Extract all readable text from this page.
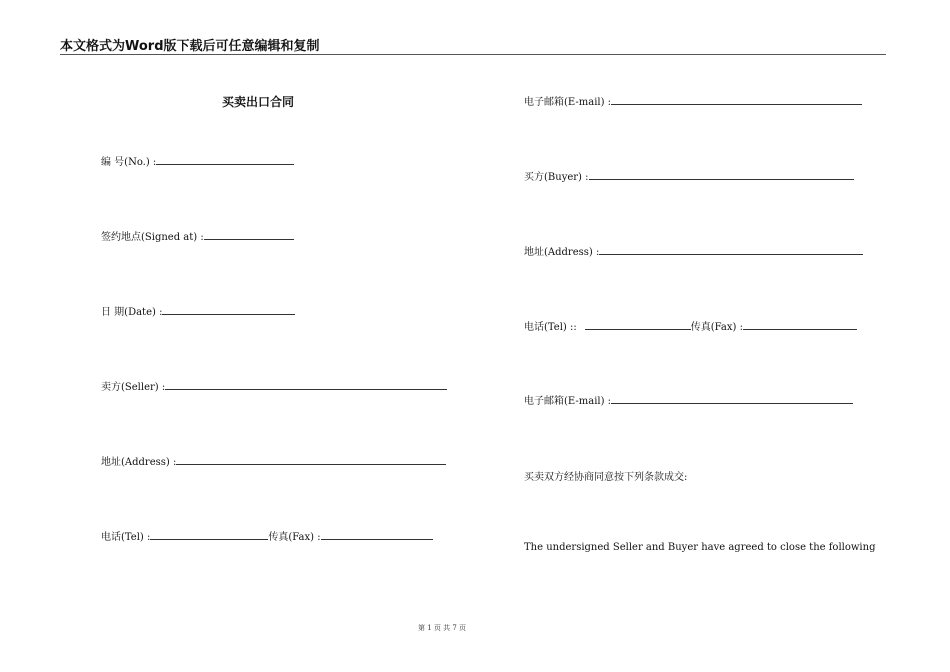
本文格式为Word版下载后可任意编辑和复制
买卖出口合同
编 号(No.) :
签约地点(Signed at) :
日 期(Date) :
卖方(Seller) :
地址(Address) :
电话(Tel) :	传真(Fax) :
电子邮箱(E-mail) :
买方(Buyer) :
地址(Address) :
电话(Tel) ::	传真(Fax) :
电子邮箱(E-mail) :
买卖双方经协商同意按下列条款成交:
The undersigned Seller and Buyer have agreed to close the following
第 1 页 共 7 页
